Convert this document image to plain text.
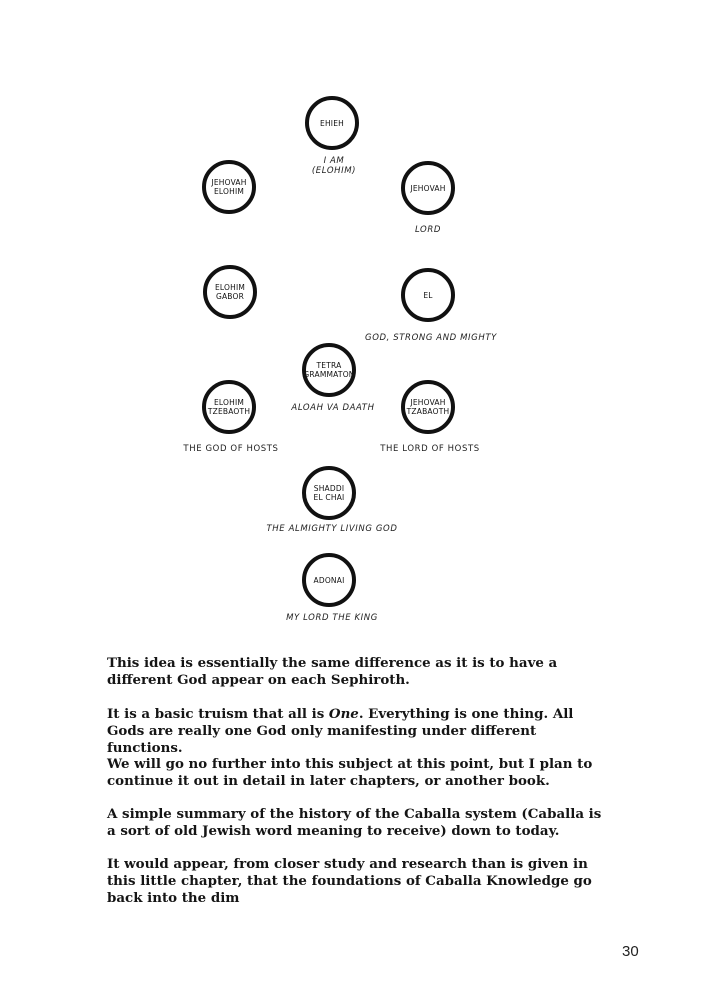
EHIEH
I AM
(ELOHIM)
JEHOVAH
ELOHIM	JEHOVAH
LORD
ELOHIM
GABOR	EL
GOD, STRONG AND MIGHTY
TETRA
GRAMMATON
ALOAH VA DAATH
ELOHIM
TZEBAOTH
THE GOD OF HOSTS
JEHOVAH
TZABAOTH
THE LORD OF HOSTS
SHADDI
EL CHAI
THE ALMIGHTY LIVING GOD
ADONAI
MY LORD THE KING

This idea is essentially the same difference as it is to have a different God appear on each Sephiroth.

It is a basic truism that all is One. Everything is one thing. All Gods are really one God only manifesting under different functions.

We will go no further into this subject at this point, but I plan to continue it out in detail in later chapters, or another book.

A simple summary of the history of the Caballa system (Caballa is a sort of old Jewish word meaning to receive) down to today.

It would appear, from closer study and research than is given in this little chapter, that the foundations of Caballa Knowledge go back into the dim

30
